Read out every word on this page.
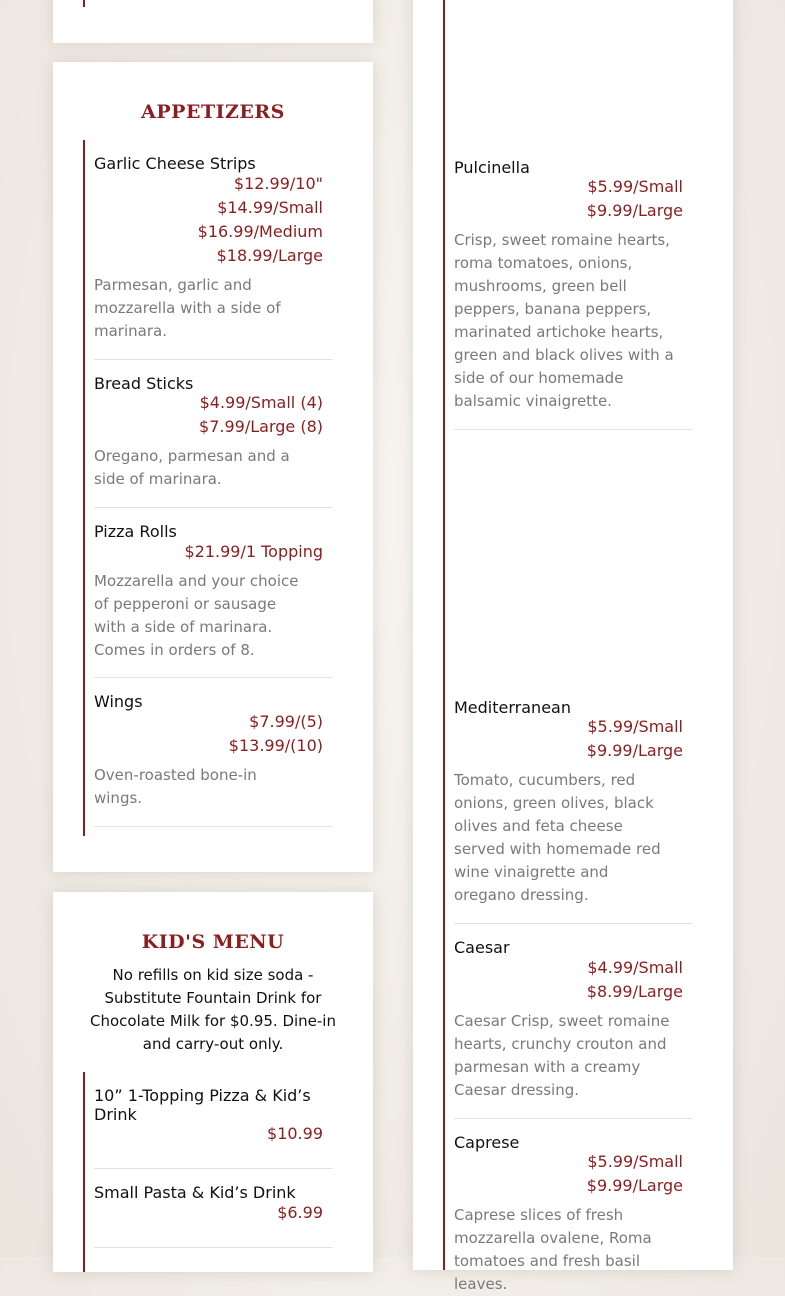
APPETIZERS
Garlic Cheese Strips
$12.99/10"
$14.99/Small
$16.99/Medium
$18.99/Large
Parmesan, garlic and mozzarella with a side of marinara.
Bread Sticks
$4.99/Small (4)
$7.99/Large (8)
Oregano, parmesan and a side of marinara.
Pizza Rolls
$21.99/1 Topping
Mozzarella and your choice of pepperoni or sausage with a side of marinara. Comes in orders of 8.
Wings
$7.99/(5)
$13.99/(10)
Oven-roasted bone-in wings.
KID'S MENU
No refills on kid size soda - Substitute Fountain Drink for Chocolate Milk for $0.95. Dine-in and carry-out only.
10” 1-Topping Pizza & Kid’s Drink
$10.99
Small Pasta & Kid’s Drink
$6.99
Pulcinella
$5.99/Small
$9.99/Large
Crisp, sweet romaine hearts, roma tomatoes, onions, mushrooms, green bell peppers, banana peppers, marinated artichoke hearts, green and black olives with a side of our homemade balsamic vinaigrette.
Mediterranean
$5.99/Small
$9.99/Large
Tomato, cucumbers, red onions, green olives, black olives and feta cheese served with homemade red wine vinaigrette and oregano dressing.
Caesar
$4.99/Small
$8.99/Large
Caesar Crisp, sweet romaine hearts, crunchy crouton and parmesan with a creamy Caesar dressing.
Caprese
$5.99/Small
$9.99/Large
Caprese slices of fresh mozzarella ovalene, Roma tomatoes and fresh basil leaves.
